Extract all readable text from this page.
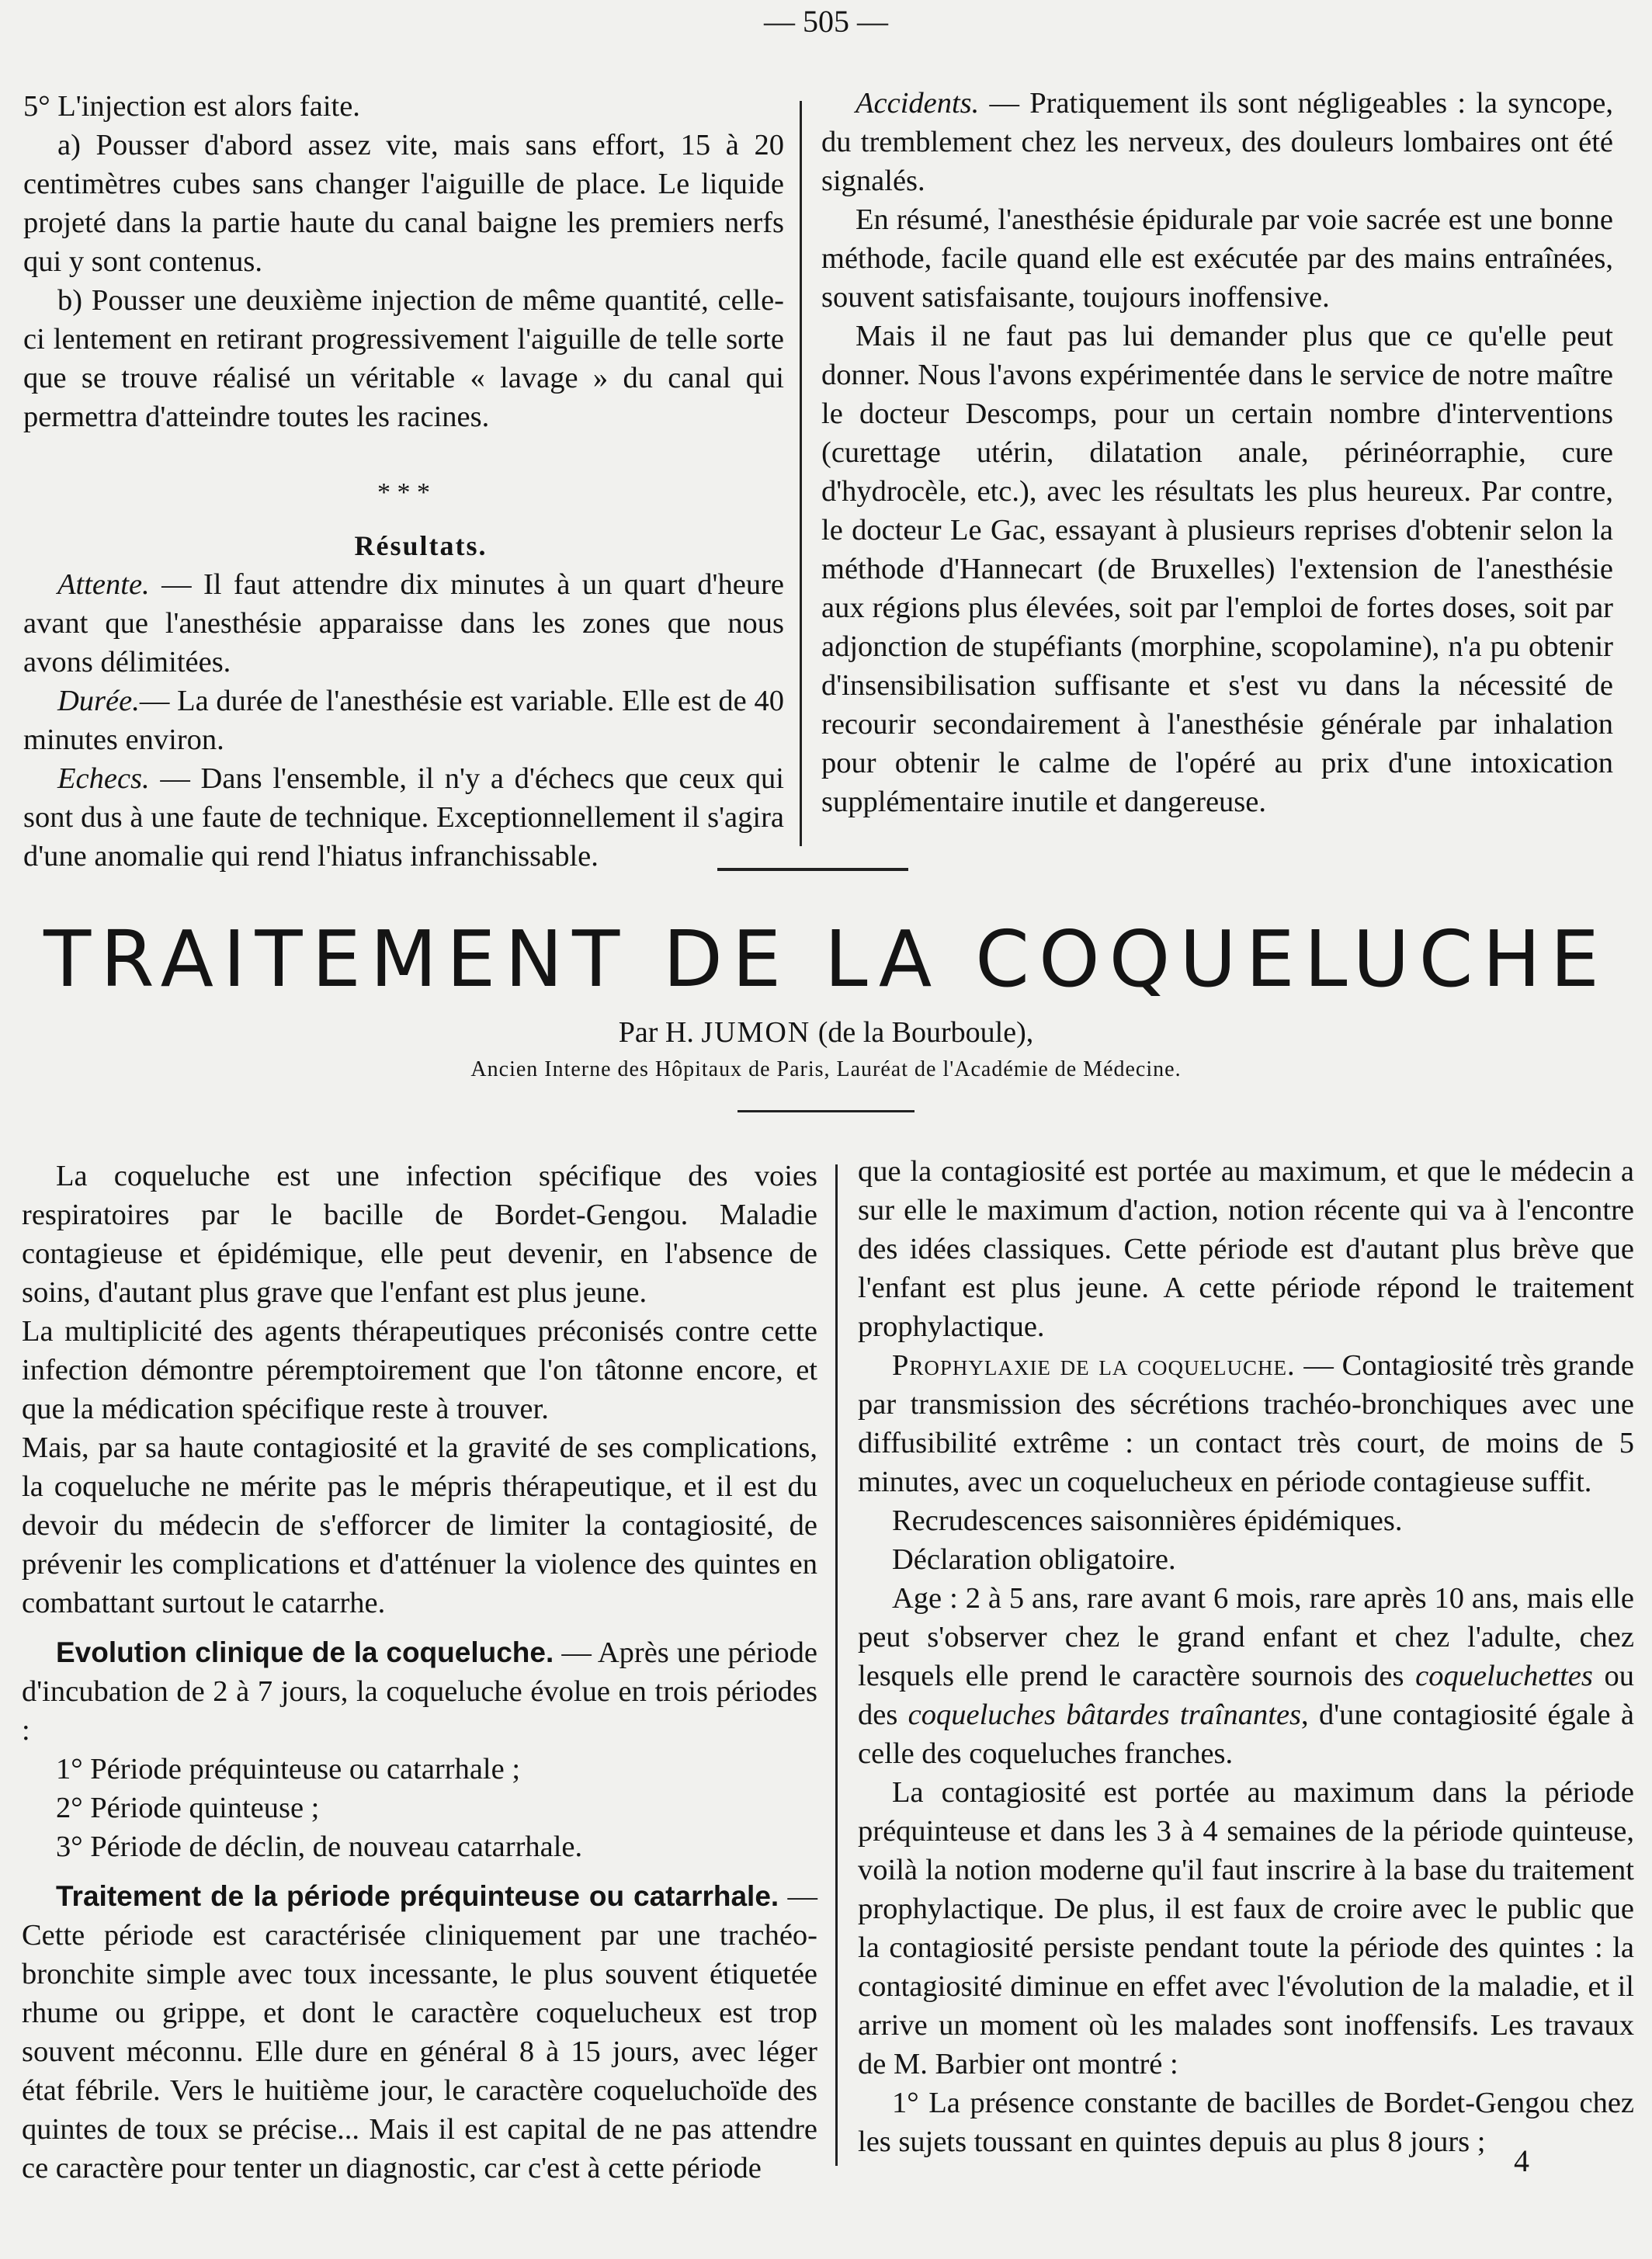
— 505 —

5° L'injection est alors faite.

a) Pousser d'abord assez vite, mais sans effort, 15 à 20 centimètres cubes sans changer l'aiguille de place. Le liquide projeté dans la partie haute du canal baigne les premiers nerfs qui y sont contenus.

b) Pousser une deuxième injection de même quantité, celle-ci lentement en retirant progressivement l'aiguille de telle sorte que se trouve réalisé un véritable « lavage » du canal qui permettra d'atteindre toutes les racines.

* * *

Résultats.

Attente. — Il faut attendre dix minutes à un quart d'heure avant que l'anesthésie apparaisse dans les zones que nous avons délimitées.

Durée.— La durée de l'anesthésie est variable. Elle est de 40 minutes environ.

Echecs. — Dans l'ensemble, il n'y a d'échecs que ceux qui sont dus à une faute de technique. Exceptionnellement il s'agira d'une anomalie qui rend l'hiatus infranchissable.

Accidents. — Pratiquement ils sont négligeables : la syncope, du tremblement chez les nerveux, des douleurs lombaires ont été signalés.

En résumé, l'anesthésie épidurale par voie sacrée est une bonne méthode, facile quand elle est exécutée par des mains entraînées, souvent satisfaisante, toujours inoffensive.

Mais il ne faut pas lui demander plus que ce qu'elle peut donner. Nous l'avons expérimentée dans le service de notre maître le docteur Descomps, pour un certain nombre d'interventions (curettage utérin, dilatation anale, périnéorraphie, cure d'hydrocèle, etc.), avec les résultats les plus heureux. Par contre, le docteur Le Gac, essayant à plusieurs reprises d'obtenir selon la méthode d'Hannecart (de Bruxelles) l'extension de l'anesthésie aux régions plus élevées, soit par l'emploi de fortes doses, soit par adjonction de stupéfiants (morphine, scopolamine), n'a pu obtenir d'insensibilisation suffisante et s'est vu dans la nécessité de recourir secondairement à l'anesthésie générale par inhalation pour obtenir le calme de l'opéré au prix d'une intoxication supplémentaire inutile et dangereuse.

TRAITEMENT DE LA COQUELUCHE
Par H. JUMON (de la Bourboule),
Ancien Interne des Hôpitaux de Paris, Lauréat de l'Académie de Médecine.

La coqueluche est une infection spécifique des voies respiratoires par le bacille de Bordet-Gengou. Maladie contagieuse et épidémique, elle peut devenir, en l'absence de soins, d'autant plus grave que l'enfant est plus jeune.

La multiplicité des agents thérapeutiques préconisés contre cette infection démontre péremptoirement que l'on tâtonne encore, et que la médication spécifique reste à trouver.

Mais, par sa haute contagiosité et la gravité de ses complications, la coqueluche ne mérite pas le mépris thérapeutique, et il est du devoir du médecin de s'efforcer de limiter la contagiosité, de prévenir les complications et d'atténuer la violence des quintes en combattant surtout le catarrhe.

Evolution clinique de la coqueluche. — Après une période d'incubation de 2 à 7 jours, la coqueluche évolue en trois périodes :

1° Période préquinteuse ou catarrhale ;

2° Période quinteuse ;

3° Période de déclin, de nouveau catarrhale.

Traitement de la période préquinteuse ou catarrhale. — Cette période est caractérisée cliniquement par une trachéo-bronchite simple avec toux incessante, le plus souvent étiquetée rhume ou grippe, et dont le caractère coquelucheux est trop souvent méconnu. Elle dure en général 8 à 15 jours, avec léger état fébrile. Vers le huitième jour, le caractère coqueluchoïde des quintes de toux se précise... Mais il est capital de ne pas attendre ce caractère pour tenter un diagnostic, car c'est à cette période

que la contagiosité est portée au maximum, et que le médecin a sur elle le maximum d'action, notion récente qui va à l'encontre des idées classiques. Cette période est d'autant plus brève que l'enfant est plus jeune. A cette période répond le traitement prophylactique.

Prophylaxie de la coqueluche. — Contagiosité très grande par transmission des sécrétions trachéo-bronchiques avec une diffusibilité extrême : un contact très court, de moins de 5 minutes, avec un coquelucheux en période contagieuse suffit.

Recrudescences saisonnières épidémiques.

Déclaration obligatoire.

Age : 2 à 5 ans, rare avant 6 mois, rare après 10 ans, mais elle peut s'observer chez le grand enfant et chez l'adulte, chez lesquels elle prend le caractère sournois des coqueluchettes ou des coqueluches bâtardes traînantes, d'une contagiosité égale à celle des coqueluches franches.

La contagiosité est portée au maximum dans la période préquinteuse et dans les 3 à 4 semaines de la période quinteuse, voilà la notion moderne qu'il faut inscrire à la base du traitement prophylactique. De plus, il est faux de croire avec le public que la contagiosité persiste pendant toute la période des quintes : la contagiosité diminue en effet avec l'évolution de la maladie, et il arrive un moment où les malades sont inoffensifs. Les travaux de M. Barbier ont montré :

1° La présence constante de bacilles de Bordet-Gengou chez les sujets toussant en quintes depuis au plus 8 jours ;

4
